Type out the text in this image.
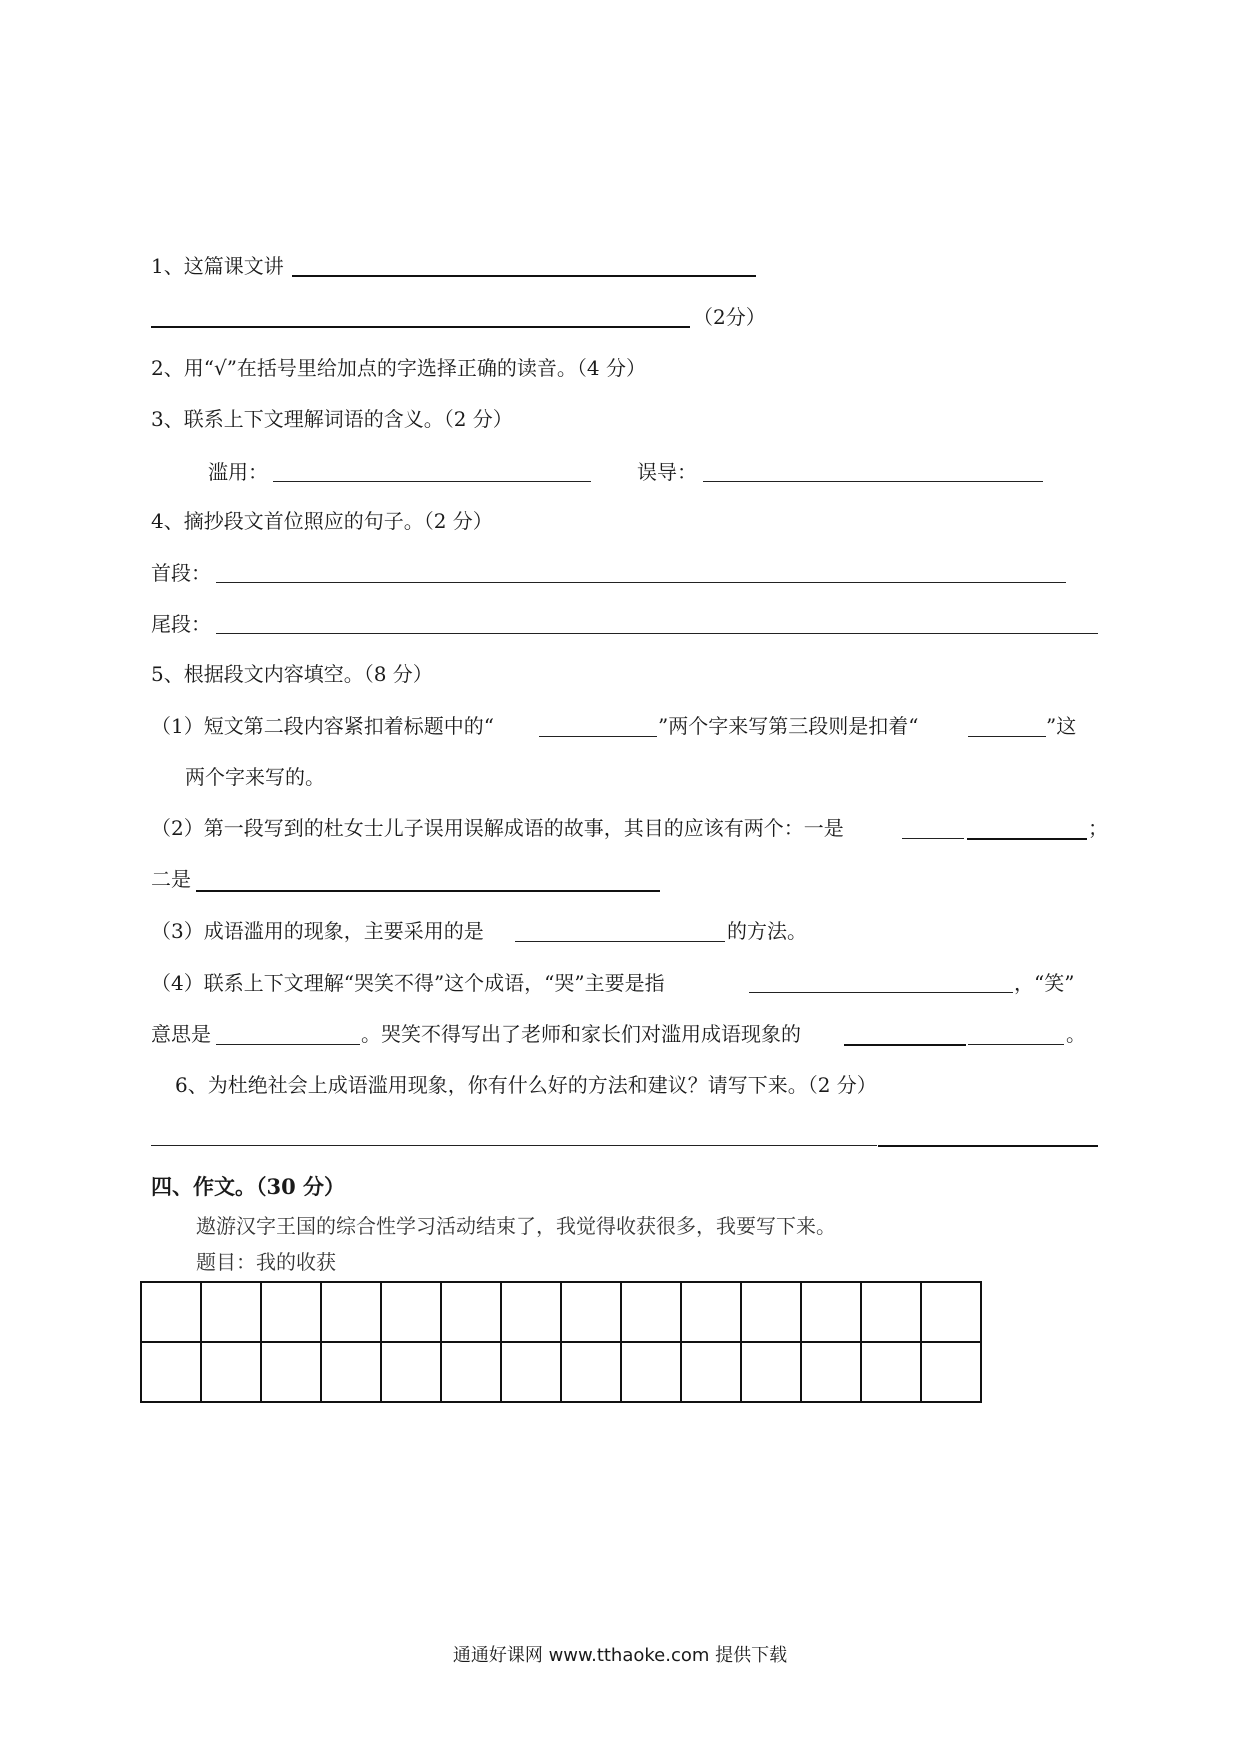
1、这篇课文讲
（2分）
2、用“√”在括号里给加点的字选择正确的读音。（4 分）
3、联系上下文理解词语的含义。（2 分）
滥用：	误导：
4、摘抄段文首位照应的句子。（2 分）
首段：
尾段：
5、根据段文内容填空。（8 分）
（1）短文第二段内容紧扣着标题中的“	”两个字来写第三段则是扣着“	”这
两个字来写的。
（2）第一段写到的杜女士儿子误用误解成语的故事，其目的应该有两个：一是	；
二是
（3）成语滥用的现象，主要采用的是	的方法。
（4）联系上下文理解“哭笑不得”这个成语，“哭”主要是指	，“笑”
意思是	。哭笑不得写出了老师和家长们对滥用成语现象的	。
6、为杜绝社会上成语滥用现象，你有什么好的方法和建议？请写下来。（2 分）
四、作文。（30 分）
遨游汉字王国的综合性学习活动结束了，我觉得收获很多，我要写下来。
题目：我的收获

通通好课网 www.tthaoke.com 提供下载
